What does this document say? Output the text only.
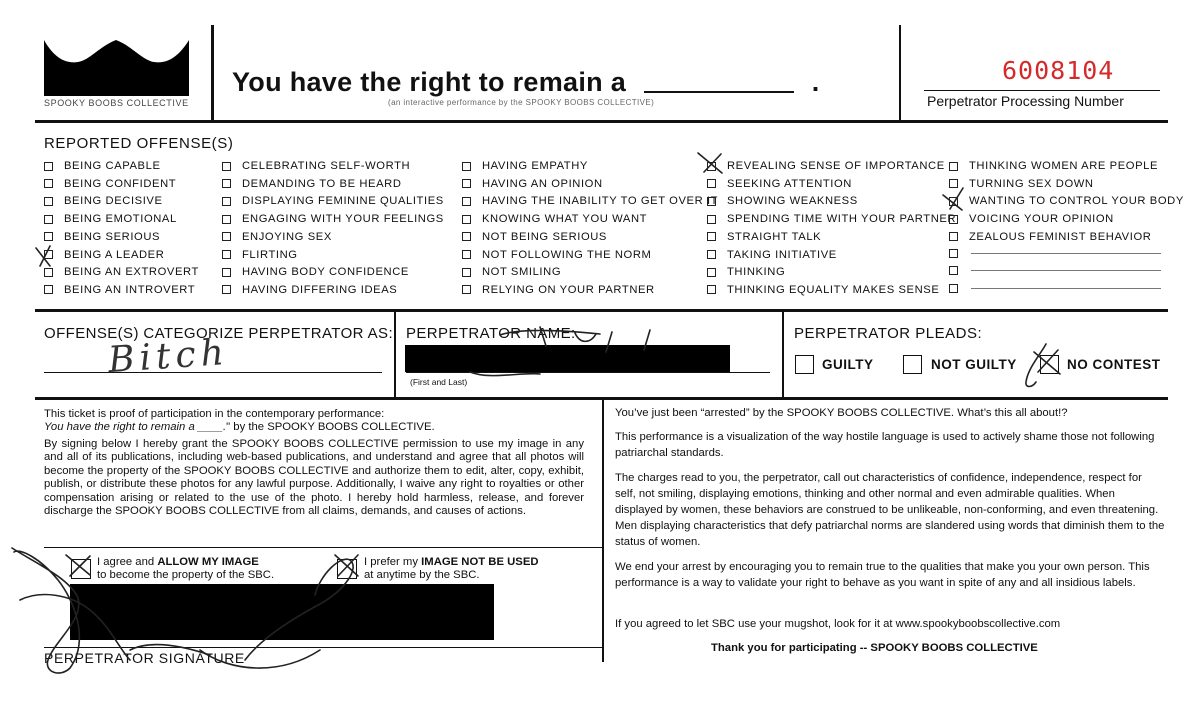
SPOOKY BOOBS COLLECTIVE
You have the right to remain a	.
(an interactive performance by the SPOOKY BOOBS COLLECTIVE)
6008104
Perpetrator Processing Number
REPORTED OFFENSE(S)
BEING CAPABLE
BEING CONFIDENT
BEING DECISIVE
BEING EMOTIONAL
BEING SERIOUS
BEING A LEADER
BEING AN EXTROVERT
BEING AN INTROVERT
CELEBRATING SELF-WORTH
DEMANDING TO BE HEARD
DISPLAYING FEMININE QUALITIES
ENGAGING WITH YOUR FEELINGS
ENJOYING SEX
FLIRTING
HAVING BODY CONFIDENCE
HAVING DIFFERING IDEAS
HAVING EMPATHY
HAVING AN OPINION
HAVING THE INABILITY TO GET OVER IT
KNOWING WHAT YOU WANT
NOT BEING SERIOUS
NOT FOLLOWING THE NORM
NOT SMILING
RELYING ON YOUR PARTNER
REVEALING SENSE OF IMPORTANCE
SEEKING ATTENTION
SHOWING WEAKNESS
SPENDING TIME WITH YOUR PARTNER
STRAIGHT TALK
TAKING INITIATIVE
THINKING
THINKING EQUALITY MAKES SENSE
THINKING WOMEN ARE PEOPLE
TURNING SEX DOWN
WANTING TO CONTROL YOUR BODY
VOICING YOUR OPINION
ZEALOUS FEMINIST BEHAVIOR
OFFENSE(S) CATEGORIZE PERPETRATOR AS:
Bitch	PERPETRATOR NAME:
(First and Last)
PERPETRATOR PLEADS:
GUILTY	NOT GUILTY	NO CONTEST
This ticket is proof of participation in the contemporary performance:
You have the right to remain a ____." by the SPOOKY BOOBS COLLECTIVE.
By signing below I hereby grant the SPOOKY BOOBS COLLECTIVE permission to use my image in any and all of its publications, including web-based publications, and understand and agree that all photos will become the property of the SPOOKY BOOBS COLLECTIVE and authorize them to edit, alter, copy, exhibit, publish, or distribute these photos for any lawful purpose. Additionally, I waive any right to royalties or other compensation arising or related to the use of the photo. I hereby hold harmless, release, and forever discharge the SPOOKY BOOBS COLLECTIVE from all claims, demands, and causes of actions.
I agree and ALLOW MY IMAGE
to become the property of the SBC.
I prefer my IMAGE NOT BE USED
at anytime by the SBC.
PERPETRATOR SIGNATURE
You’ve just been “arrested” by the SPOOKY BOOBS COLLECTIVE. What’s this all about!?
This performance is a visualization of the way hostile language is used to actively shame those not following patriarchal standards.
The charges read to you, the perpetrator, call out characteristics of confidence, independence, respect for self, not smiling, displaying emotions, thinking and other normal and even admirable qualities. When displayed by women, these behaviors are construed to be unlikeable, non-conforming, and even threatening. Men displaying characteristics that defy patriarchal norms are slandered using words that diminish them to the status of women.
We end your arrest by encouraging you to remain true to the qualities that make you your own person. This performance is a way to validate your right to behave as you want in spite of any and all insidious labels.
If you agreed to let SBC use your mugshot, look for it at www.spookyboobscollective.com
Thank you for participating -- SPOOKY BOOBS COLLECTIVE
